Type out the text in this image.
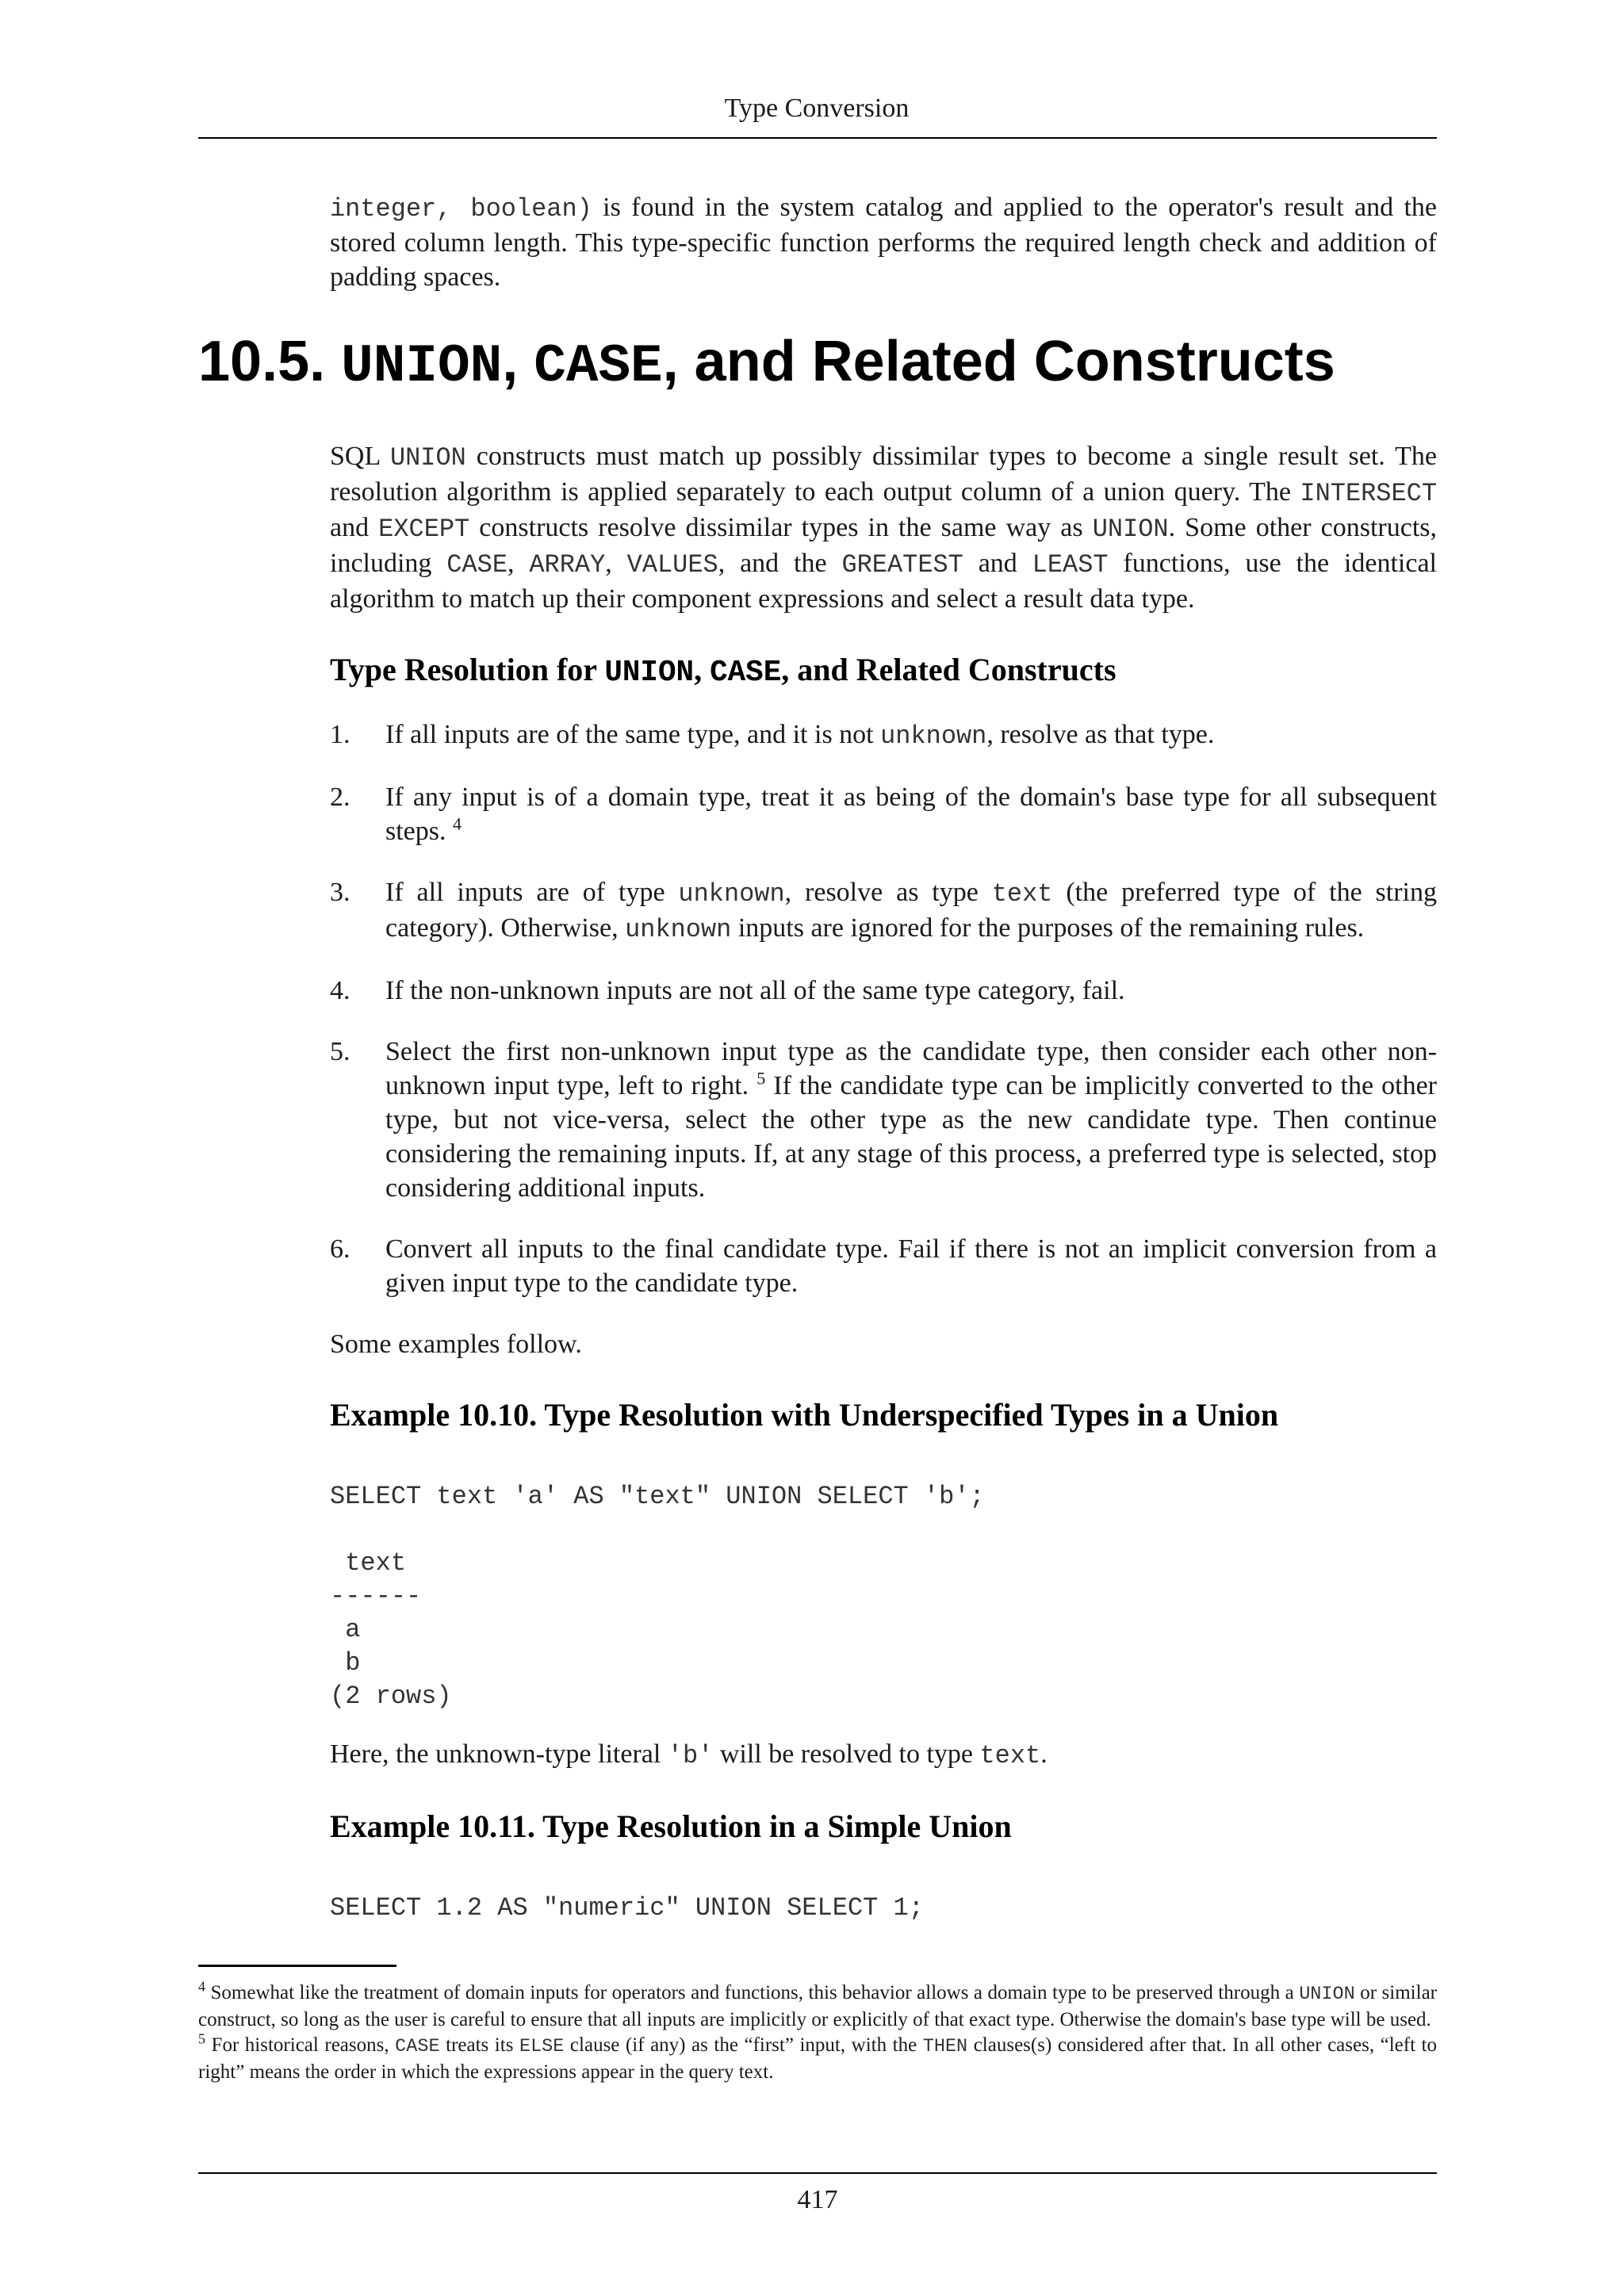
Type Conversion

integer, boolean) is found in the system catalog and applied to the operator's result and the stored column length. This type-specific function performs the required length check and addition of padding spaces.

10.5. UNION, CASE, and Related Constructs

SQL UNION constructs must match up possibly dissimilar types to become a single result set. The resolution algorithm is applied separately to each output column of a union query. The INTERSECT and EXCEPT constructs resolve dissimilar types in the same way as UNION. Some other constructs, including CASE, ARRAY, VALUES, and the GREATEST and LEAST functions, use the identical algorithm to match up their component expressions and select a result data type.

Type Resolution for UNION, CASE, and Related Constructs
1. If all inputs are of the same type, and it is not unknown, resolve as that type.
2. If any input is of a domain type, treat it as being of the domain's base type for all subsequent steps. $^4$
3. If all inputs are of type unknown, resolve as type text (the preferred type of the string category). Otherwise, unknown inputs are ignored for the purposes of the remaining rules.
4. If the non-unknown inputs are not all of the same type category, fail.
5. Select the first non-unknown input type as the candidate type, then consider each other non-unknown input type, left to right. $^5$ If the candidate type can be implicitly converted to the other type, but not vice-versa, select the other type as the new candidate type. Then continue considering the remaining inputs. If, at any stage of this process, a preferred type is selected, stop considering additional inputs.
6. Convert all inputs to the final candidate type. Fail if there is not an implicit conversion from a given input type to the candidate type.

Some examples follow.

Example 10.10. Type Resolution with Underspecified Types in a Union
SELECT text 'a' AS "text" UNION SELECT 'b';

text
------
a
b
(2 rows)

Here, the unknown-type literal 'b' will be resolved to type text.

Example 10.11. Type Resolution in a Simple Union
SELECT 1.2 AS "numeric" UNION SELECT 1;

$^4$ Somewhat like the treatment of domain inputs for operators and functions, this behavior allows a domain type to be preserved through a UNION or similar construct, so long as the user is careful to ensure that all inputs are implicitly or explicitly of that exact type. Otherwise the domain's base type will be used.

$^5$ For historical reasons, CASE treats its ELSE clause (if any) as the “first” input, with the THEN clauses(s) considered after that. In all other cases, “left to right” means the order in which the expressions appear in the query text.

417
